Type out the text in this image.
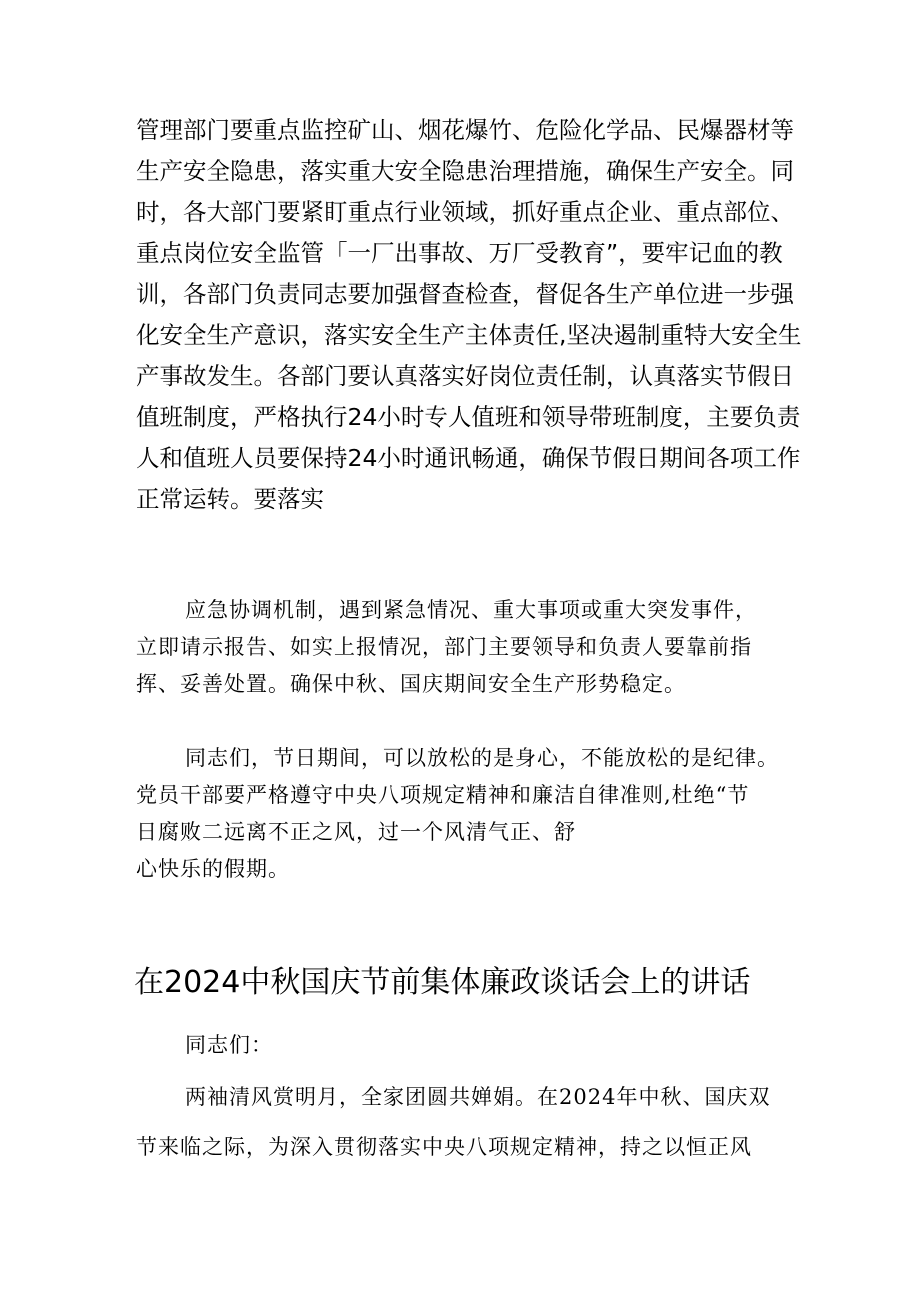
管理部门要重点监控矿山、烟花爆竹、危险化学品、民爆器材等
生产安全隐患，落实重大安全隐患治理措施，确保生产安全。同
时，各大部门要紧盯重点行业领域，抓好重点企业、重点部位、
重点岗位安全监管「一厂出事故、万厂受教育”，要牢记血的教
训，各部门负责同志要加强督查检查，督促各生产单位进一步强
化安全生产意识，落实安全生产主体责任,坚决遏制重特大安全生
产事故发生。各部门要认真落实好岗位责任制，认真落实节假日
值班制度，严格执行24小时专人值班和领导带班制度，主要负责
人和值班人员要保持24小时通讯畅通，确保节假日期间各项工作
正常运转。要落实
应急协调机制，遇到紧急情况、重大事项或重大突发事件，
立即请示报告、如实上报情况，部门主要领导和负责人要靠前指
挥、妥善处置。确保中秋、国庆期间安全生产形势稳定。
同志们，节日期间，可以放松的是身心，不能放松的是纪律。
党员干部要严格遵守中央八项规定精神和廉洁自律准则,杜绝“节
日腐败二远离不正之风，过一个风清气正、舒
心快乐的假期。
在2024中秋国庆节前集体廉政谈话会上的讲话
同志们：
两袖清风赏明月，全家团圆共婵娟。在2024年中秋、国庆双
节来临之际，为深入贯彻落实中央八项规定精神，持之以恒正风
